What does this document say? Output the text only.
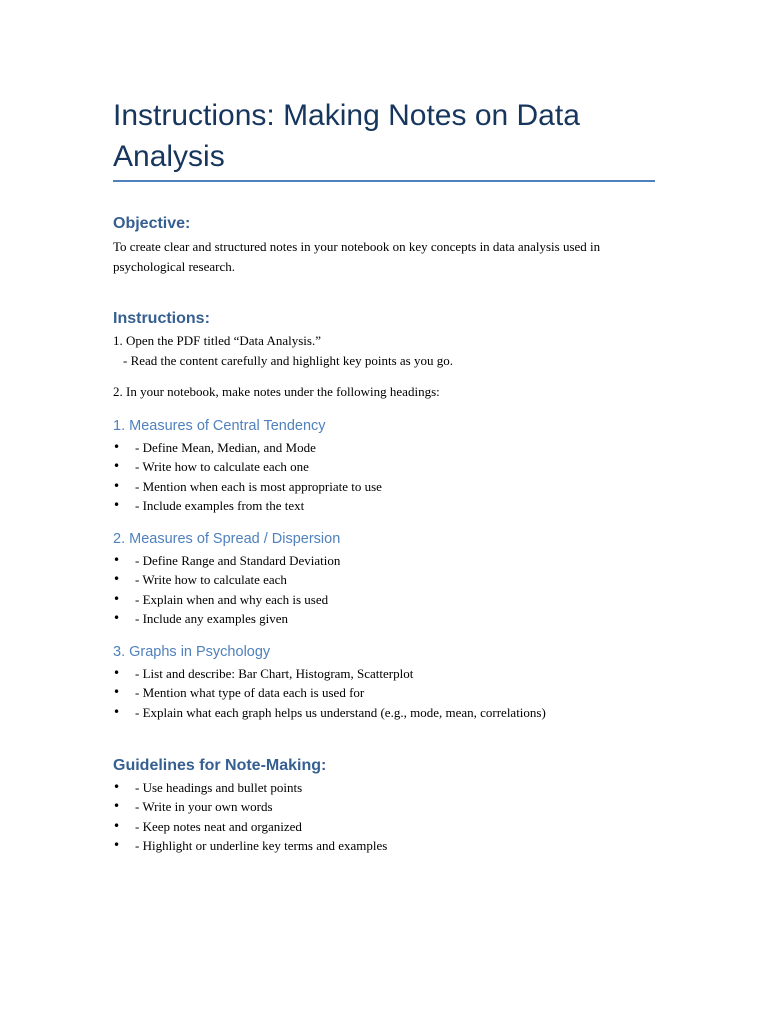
Instructions: Making Notes on Data Analysis
Objective:

To create clear and structured notes in your notebook on key concepts in data analysis used in psychological research.

Instructions:

1. Open the PDF titled “Data Analysis.”

- Read the content carefully and highlight key points as you go.

2. In your notebook, make notes under the following headings:

1. Measures of Central Tendency
• - Define Mean, Median, and Mode
• - Write how to calculate each one
• - Mention when each is most appropriate to use
• - Include examples from the text
2. Measures of Spread / Dispersion
• - Define Range and Standard Deviation
• - Write how to calculate each
• - Explain when and why each is used
• - Include any examples given
3. Graphs in Psychology
• - List and describe: Bar Chart, Histogram, Scatterplot
• - Mention what type of data each is used for
• - Explain what each graph helps us understand (e.g., mode, mean, correlations)
Guidelines for Note-Making:
• - Use headings and bullet points
• - Write in your own words
• - Keep notes neat and organized
• - Highlight or underline key terms and examples
